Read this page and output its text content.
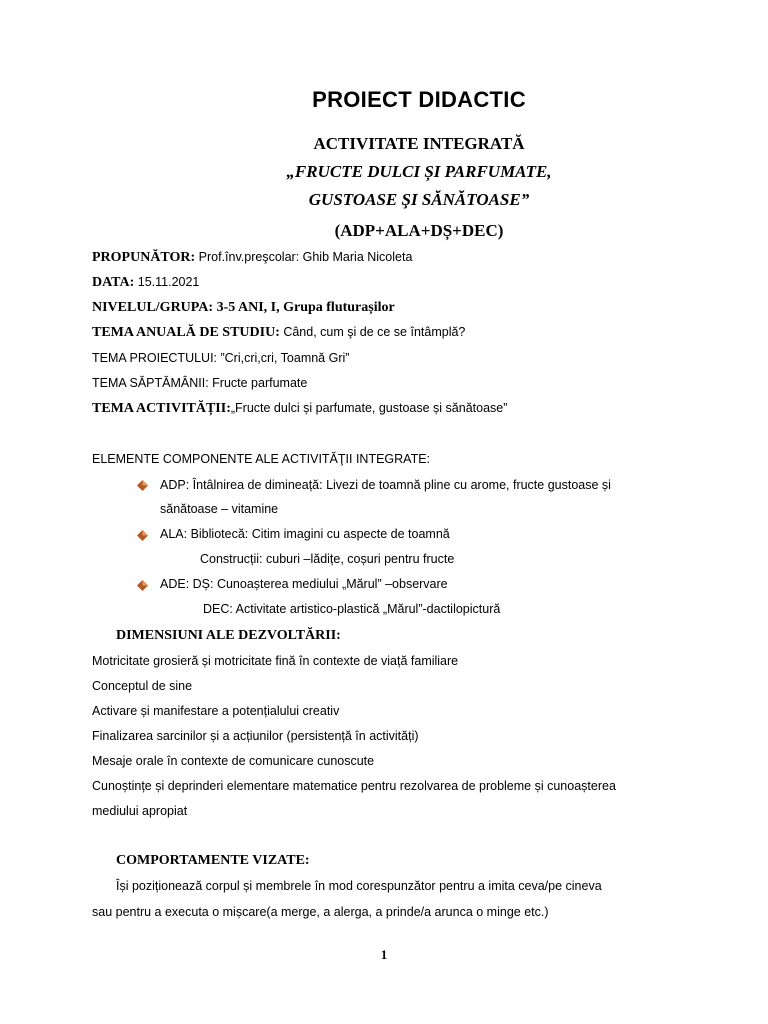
PROIECT DIDACTIC
ACTIVITATE INTEGRATĂ
„FRUCTE DULCI ȘI PARFUMATE,
GUSTOASE ŞI SĂNĂTOASE”
(ADP+ALA+DȘ+DEC)
PROPUNĂTOR: Prof.înv.preşcolar: Ghib Maria Nicoleta
DATA: 15.11.2021
NIVELUL/GRUPA: 3-5 ANI, I, Grupa fluturașilor
TEMA ANUALĂ DE STUDIU: Când, cum şi de ce se întâmplă?
TEMA PROIECTULUI: ”Cri,cri,cri, Toamnă Gri”
TEMA SĂPTĂMÂNII: Fructe parfumate
TEMA ACTIVITĂȚII:„Fructe dulci și parfumate, gustoase și sănătoase”
ELEMENTE COMPONENTE ALE ACTIVITĂŢII INTEGRATE:
ADP: Întâlnirea de dimineață: Livezi de toamnă pline cu arome, fructe gustoase și
sănătoase – vitamine
ALA: Bibliotecă: Citim imagini cu aspecte de toamnă
Construcții: cuburi –lădițe, coșuri pentru fructe
ADE: DȘ: Cunoașterea mediului „Mărul” –observare
DEC: Activitate artistico-plastică „Mărul”-dactilopictură
DIMENSIUNI ALE DEZVOLTĂRII:
Motricitate grosieră și motricitate fină în contexte de viață familiare
Conceptul de sine
Activare și manifestare a potențialului creativ
Finalizarea sarcinilor și a acțiunilor (persistență în activități)
Mesaje orale în contexte de comunicare cunoscute
Cunoștințe și deprinderi elementare matematice pentru rezolvarea de probleme și cunoașterea
mediului apropiat
COMPORTAMENTE VIZATE:
Își poziționează corpul și membrele în mod corespunzător pentru a imita ceva/pe cineva
sau pentru a executa o mișcare(a merge, a alerga, a prinde/a arunca o minge etc.)
1
